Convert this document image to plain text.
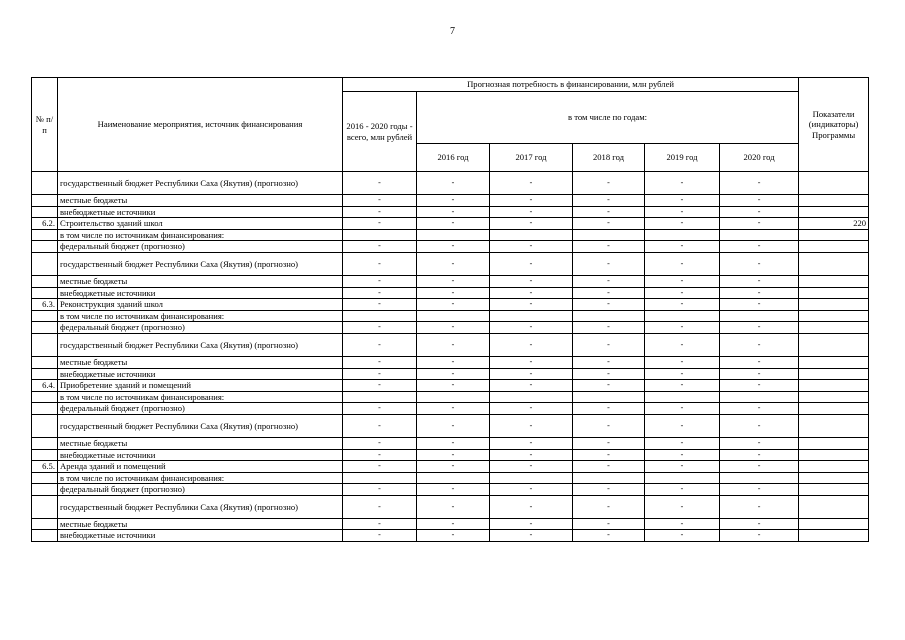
7
№ п/п	Наименование мероприятия, источник финансирования	Прогнозная потребность в финансировании, млн рублей						Показатели (индикаторы) Программы
		2016 - 2020 годы - всего, млн рублей	в том числе по годам:					
			2016 год	2017 год	2018 год	2019 год	2020 год	
	государственный бюджет Республики Саха (Якутия) (прогнозно)	-	-	-	-	-	-	
	местные бюджеты	-	-	-	-	-	-	
	внебюджетные источники	-	-	-	-	-	-	
6.2.	Строительство зданий школ	-	-	-	-	-	-	220
	в том числе по источникам финансирования:							
	федеральный бюджет (прогнозно)	-	-	-	-	-	-	
	государственный бюджет Республики Саха (Якутия) (прогнозно)	-	-	-	-	-	-	
	местные бюджеты	-	-	-	-	-	-	
	внебюджетные источники	-	-	-	-	-	-	
6.3.	Реконструкция зданий школ	-	-	-	-	-	-	
	в том числе по источникам финансирования:							
	федеральный бюджет (прогнозно)	-	-	-	-	-	-	
	государственный бюджет Республики Саха (Якутия) (прогнозно)	-	-	-	-	-	-	
	местные бюджеты	-	-	-	-	-	-	
	внебюджетные источники	-	-	-	-	-	-	
6.4.	Приобретение зданий и помещений	-	-	-	-	-	-	
	в том числе по источникам финансирования:							
	федеральный бюджет (прогнозно)	-	-	-	-	-	-	
	государственный бюджет Республики Саха (Якутия) (прогнозно)	-	-	-	-	-	-	
	местные бюджеты	-	-	-	-	-	-	
	внебюджетные источники	-	-	-	-	-	-	
6.5.	Аренда зданий и помещений	-	-	-	-	-	-	
	в том числе по источникам финансирования:							
	федеральный бюджет (прогнозно)	-	-	-	-	-	-	
	государственный бюджет Республики Саха (Якутия) (прогнозно)	-	-	-	-	-	-	
	местные бюджеты	-	-	-	-	-	-	
	внебюджетные источники	-	-	-	-	-	-	
